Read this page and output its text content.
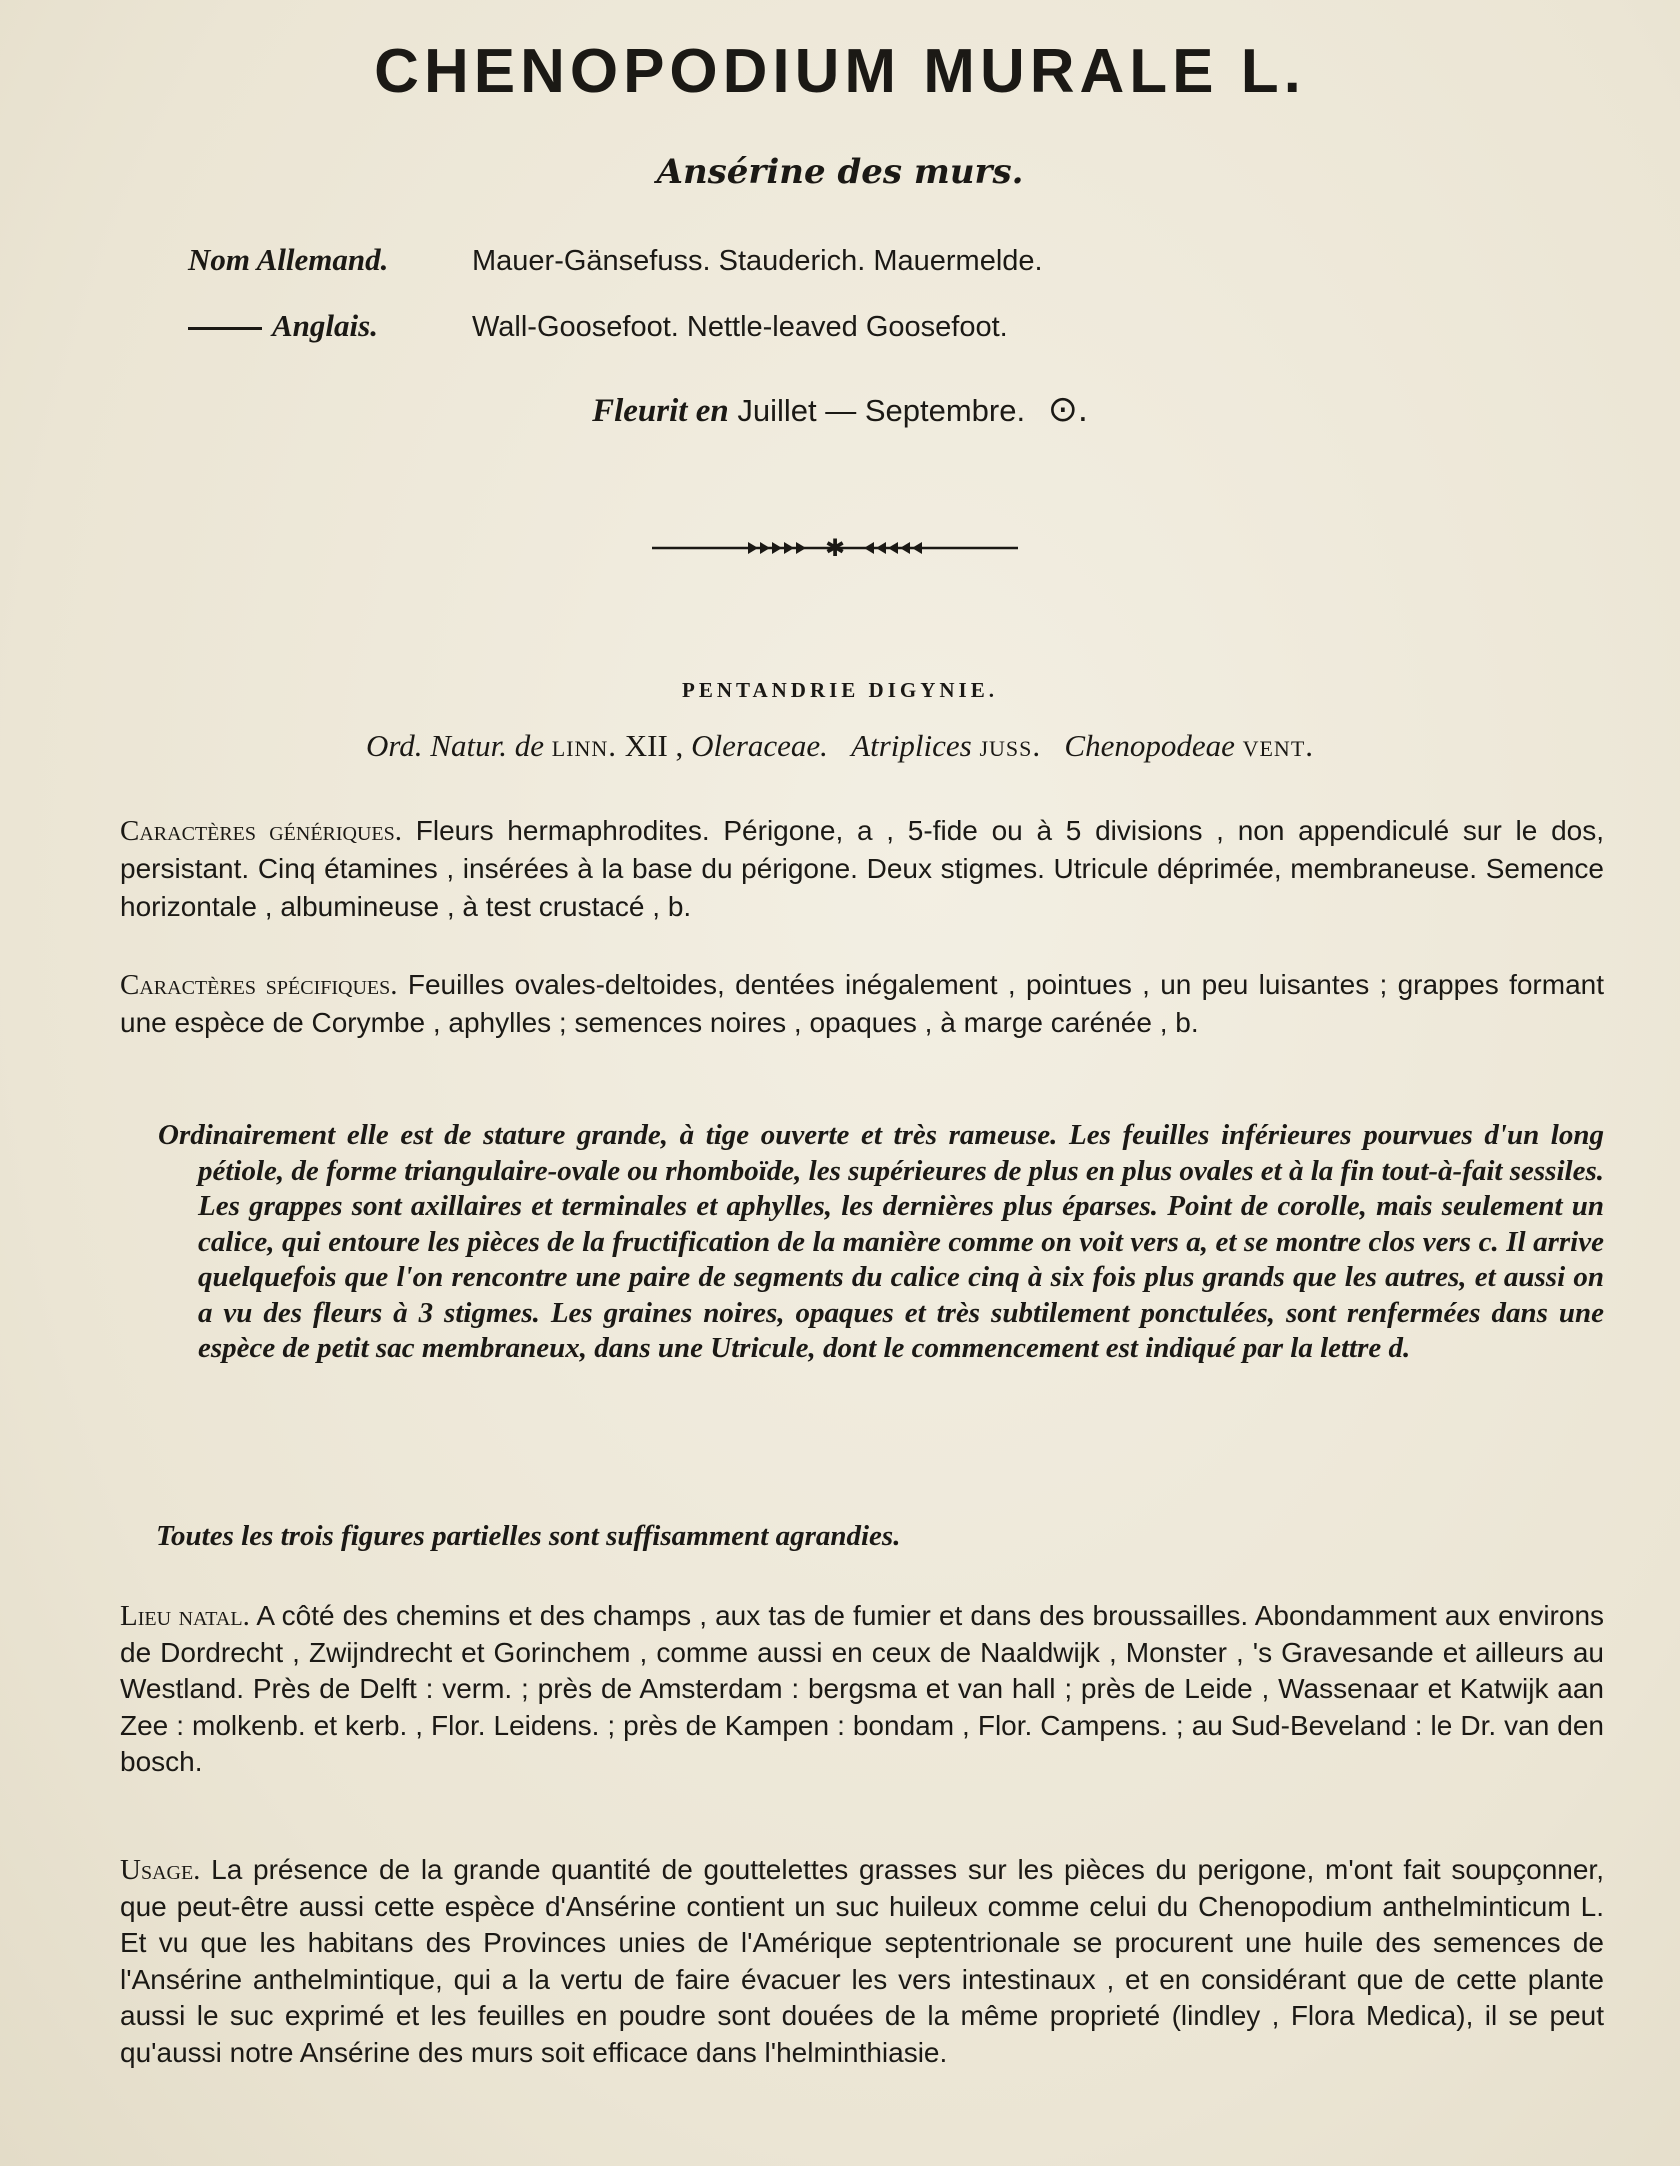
CHENOPODIUM MURALE L.
Ansérine des murs.
Nom Allemand.	Mauer-Gänsefuss. Stauderich. Mauermelde.
Anglais.	Wall-Goosefoot. Nettle-leaved Goosefoot.
Fleurit en Juillet — Septembre. ⊙.
✱
PENTANDRIE DIGYNIE.
Ord. Natur. de linn. XII , Oleraceae. Atriplices juss. Chenopodeae vent.

Caractères génériques. Fleurs hermaphrodites. Périgone, a , 5-fide ou à 5 divisions , non appendiculé sur le dos, persistant. Cinq étamines , insérées à la base du périgone. Deux stigmes. Utricule déprimée, membraneuse. Semence horizontale , albumineuse , à test crustacé , b.

Caractères spécifiques. Feuilles ovales-deltoides, dentées inégalement , pointues , un peu luisantes ; grappes formant une espèce de Corymbe , aphylles ; semences noires , opaques , à marge carénée , b.

Ordinairement elle est de stature grande, à tige ouverte et très rameuse. Les feuilles inférieures pourvues d'un long pétiole, de forme triangulaire-ovale ou rhomboïde, les supérieures de plus en plus ovales et à la fin tout-à-fait sessiles. Les grappes sont axillaires et terminales et aphylles, les dernières plus éparses. Point de corolle, mais seulement un calice, qui entoure les pièces de la fructification de la manière comme on voit vers a, et se montre clos vers c. Il arrive quelquefois que l'on rencontre une paire de segments du calice cinq à six fois plus grands que les autres, et aussi on a vu des fleurs à 3 stigmes. Les graines noires, opaques et très subtilement ponctulées, sont renfermées dans une espèce de petit sac membraneux, dans une Utricule, dont le commencement est indiqué par la lettre d.

Toutes les trois figures partielles sont suffisamment agrandies.

Lieu natal. A côté des chemins et des champs , aux tas de fumier et dans des broussailles. Abondamment aux environs de Dordrecht , Zwijndrecht et Gorinchem , comme aussi en ceux de Naaldwijk , Monster , 's Gravesande et ailleurs au Westland. Près de Delft : verm. ; près de Amsterdam : bergsma et van hall ; près de Leide , Wassenaar et Katwijk aan Zee : molkenb. et kerb. , Flor. Leidens. ; près de Kampen : bondam , Flor. Campens. ; au Sud-Beveland : le Dr. van den bosch.

Usage. La présence de la grande quantité de gouttelettes grasses sur les pièces du perigone, m'ont fait soupçonner, que peut-être aussi cette espèce d'Ansérine contient un suc huileux comme celui du Chenopodium anthelminticum L. Et vu que les habitans des Provinces unies de l'Amérique septentrionale se procurent une huile des semences de l'Ansérine anthelmintique, qui a la vertu de faire évacuer les vers intestinaux , et en considérant que de cette plante aussi le suc exprimé et les feuilles en poudre sont douées de la même proprieté (lindley , Flora Medica), il se peut qu'aussi notre Ansérine des murs soit efficace dans l'helminthiasie.
